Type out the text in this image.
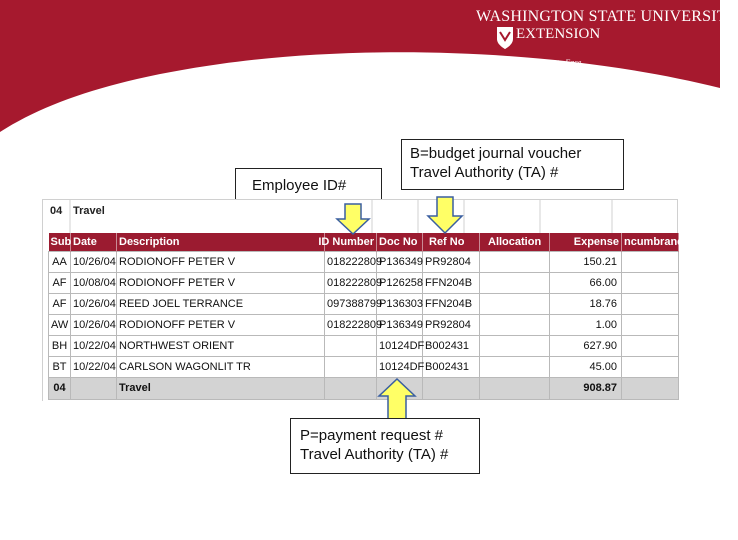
WASHINGTON STATE UNIVERSITY
EXTENSION
World Class. Face to Face.
Employee ID#
B=budget journal voucher
Travel Authority (TA) #
04 Travel
Sub	Date	Description	ID Number	Doc No	Ref No	Allocation	Expense	ncumbrance
AA	10/26/04	RODIONOFF PETER V	018222809	P136349	PR92804		150.21	
AF	10/08/04	RODIONOFF PETER V	018222809	P126258	FFN204B		66.00	
AF	10/26/04	REED JOEL TERRANCE	097388799	P136303	FFN204B		18.76	
AW	10/26/04	RODIONOFF PETER V	018222809	P136349	PR92804		1.00	
BH	10/22/04	NORTHWEST ORIENT		10124DF	B002431		627.90	
BT	10/22/04	CARLSON WAGONLIT TR		10124DF	B002431		45.00	
04		Travel					908.87	
P=payment request #
Travel Authority (TA) #
